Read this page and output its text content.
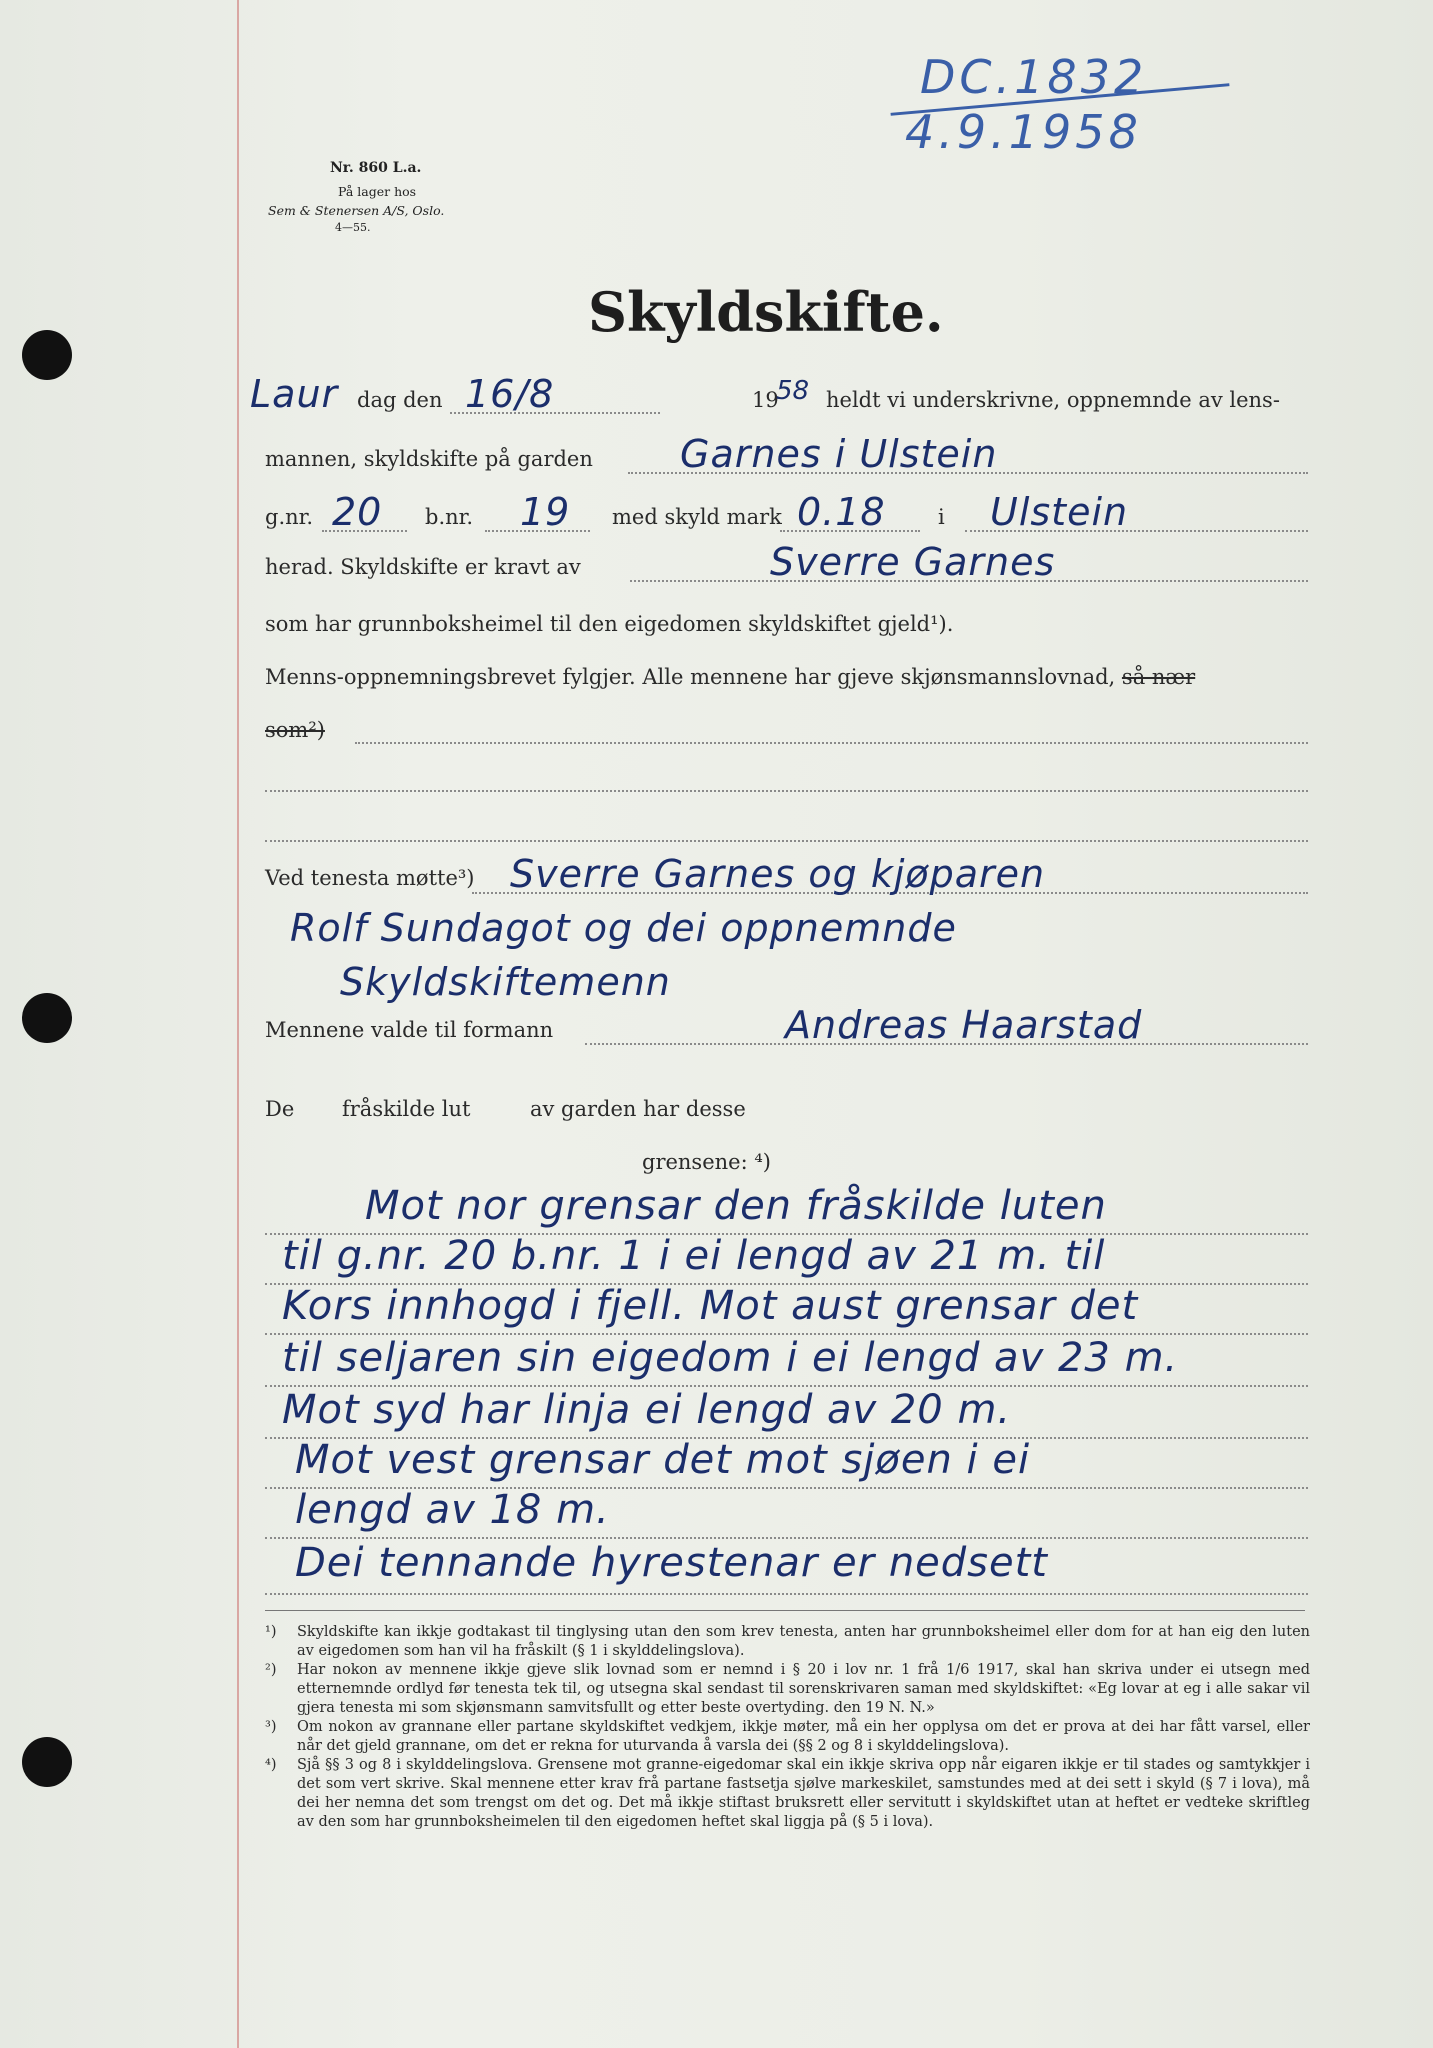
DC.1832
4.9.1958
Nr. 860 L.a.
På lager hos
Sem & Stenersen A/S, Oslo.
4—55.
Skyldskifte.
Laur dag den 16/8	19
58 heldt vi underskrivne, oppnemnde av lens-
mannen, skyldskifte på garden Garnes i Ulstein
g.nr. 20 b.nr. 19 med skyld mark 0.18 i Ulstein
herad. Skyldskifte er kravt av	Sverre Garnes
som har grunnboksheimel til den eigedomen skyldskiftet gjeld¹).
Menns-oppnemningsbrevet fylgjer. Alle mennene har gjeve skjønsmannslovnad, så nær
som²)
Ved tenesta møtte³) Sverre Garnes og kjøparen
Rolf Sundagot og dei oppnemnde
Skyldskiftemenn
Mennene valde til formann	Andreas Haarstad
De fråskilde lut	av garden har desse
grensene: ⁴)
Mot nor grensar den fråskilde luten
til g.nr. 20 b.nr. 1 i ei lengd av 21 m. til
Kors innhogd i fjell. Mot aust grensar det
til seljaren sin eigedom i ei lengd av 23 m.
Mot syd har linja ei lengd av 20 m.
Mot vest grensar det mot sjøen i ei
lengd av 18 m.
Dei tennande hyrestenar er nedsett
¹)	Skyldskifte kan ikkje godtakast til tinglysing utan den som krev tenesta, anten har grunnboksheimel eller dom for at han eig den luten av eigedomen som han vil ha fråskilt (§ 1 i skylddelingslova).
²)	Har nokon av mennene ikkje gjeve slik lovnad som er nemnd i § 20 i lov nr. 1 frå 1/6 1917, skal han skriva under ei utsegn med etternemnde ordlyd før tenesta tek til, og utsegna skal sendast til sorenskrivaren saman med skyldskiftet: «Eg lovar at eg i alle sakar vil gjera tenesta mi som skjønsmann samvitsfullt og etter beste overtyding. den 19 N. N.»
³)	Om nokon av grannane eller partane skyldskiftet vedkjem, ikkje møter, må ein her opplysa om det er prova at dei har fått varsel, eller når det gjeld grannane, om det er rekna for uturvanda å varsla dei (§§ 2 og 8 i skylddelingslova).
⁴)	Sjå §§ 3 og 8 i skylddelingslova. Grensene mot granne-eigedomar skal ein ikkje skriva opp når eigaren ikkje er til stades og samtykkjer i det som vert skrive. Skal mennene etter krav frå partane fastsetja sjølve markeskilet, samstundes med at dei sett i skyld (§ 7 i lova), må dei her nemna det som trengst om det og. Det må ikkje stiftast bruksrett eller servitutt i skyldskiftet utan at heftet er vedteke skriftleg av den som har grunnboksheimelen til den eigedomen heftet skal liggja på (§ 5 i lova).
